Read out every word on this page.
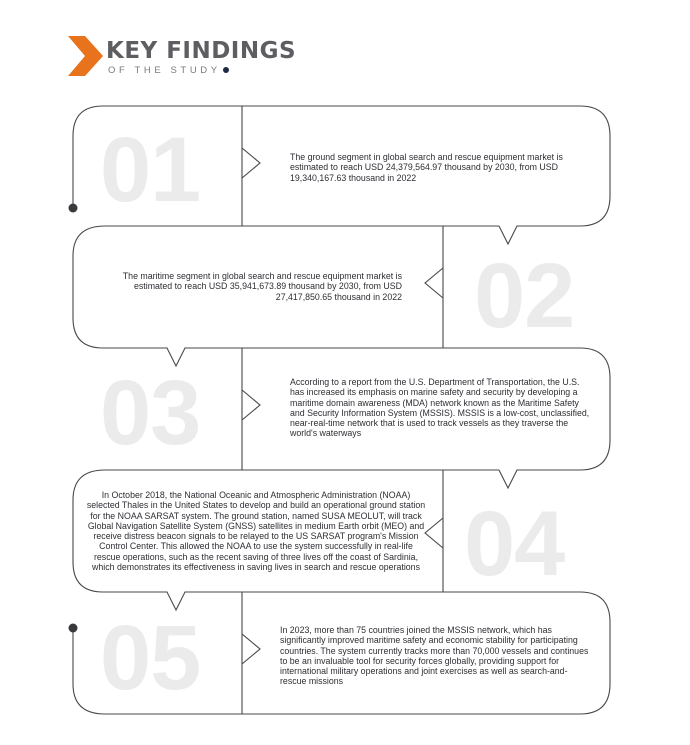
KEY FINDINGS
OF THE STUDY
01
02
03
04
05
The ground segment in global search and rescue equipment market is estimated to reach USD 24,379,564.97 thousand by 2030, from USD 19,340,167.63 thousand in 2022
The maritime segment in global search and rescue equipment market is estimated to reach USD 35,941,673.89 thousand by 2030, from USD 27,417,850.65 thousand in 2022
According to a report from the U.S. Department of Transportation, the U.S. has increased its emphasis on marine safety and security by developing a maritime domain awareness (MDA) network known as the Maritime Safety and Security Information System (MSSIS). MSSIS is a low-cost, unclassified, near-real-time network that is used to track vessels as they traverse the world's waterways
In October 2018, the National Oceanic and Atmospheric Administration (NOAA) selected Thales in the United States to develop and build an operational ground station for the NOAA SARSAT system. The ground station, named SUSA MEOLUT, will track Global Navigation Satellite System (GNSS) satellites in medium Earth orbit (MEO) and receive distress beacon signals to be relayed to the US SARSAT program's Mission Control Center. This allowed the NOAA to use the system successfully in real-life rescue operations, such as the recent saving of three lives off the coast of Sardinia, which demonstrates its effectiveness in saving lives in search and rescue operations
In 2023, more than 75 countries joined the MSSIS network, which has significantly improved maritime safety and economic stability for participating countries. The system currently tracks more than 70,000 vessels and continues to be an invaluable tool for security forces globally, providing support for international military operations and joint exercises as well as search-and-rescue missions
